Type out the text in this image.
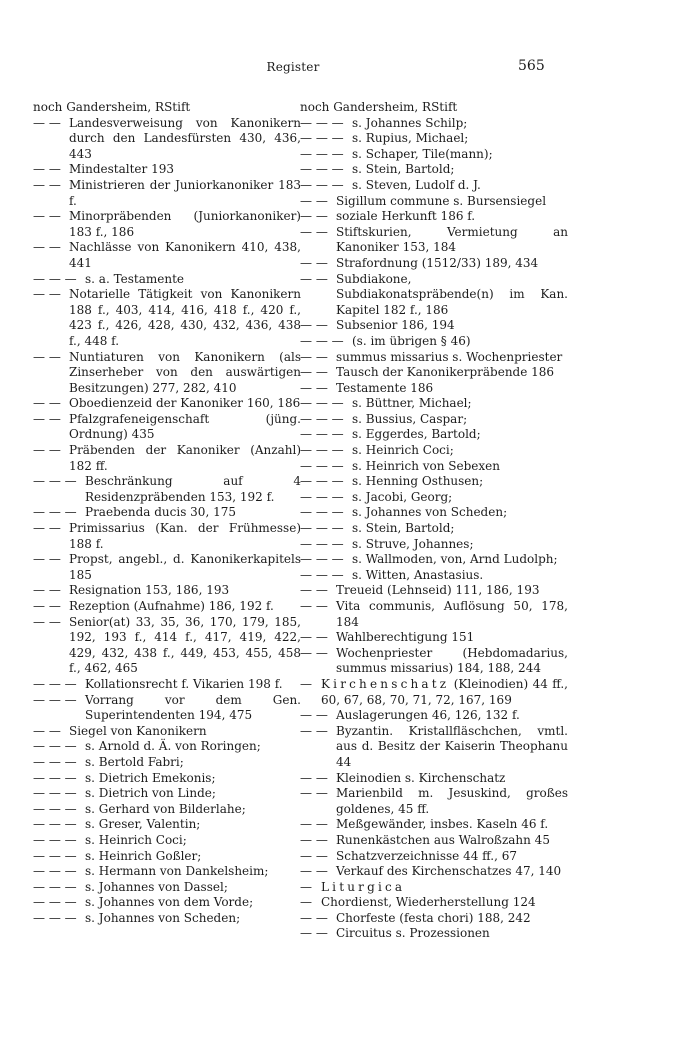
Register	565
noch Gandersheim, RStift
— — Landesverweisung von Kanonikern durch den Landesfürsten 430, 436, 443
— — Mindestalter 193
— — Ministrieren der Juniorkanoniker 183 f.
— — Minorpräbenden (Juniorkanoniker) 183 f., 186
— — Nachlässe von Kanonikern 410, 438, 441
— — — s. a. Testamente
— — Notarielle Tätigkeit von Kanonikern 188 f., 403, 414, 416, 418 f., 420 f., 423 f., 426, 428, 430, 432, 436, 438 f., 448 f.
— — Nuntiaturen von Kanonikern (als Zinserheber von den auswärtigen Besitzungen) 277, 282, 410
— — Oboedienzeid der Kanoniker 160, 186
— — Pfalzgrafeneigenschaft (jüng. Ordnung) 435
— — Präbenden der Kanoniker (Anzahl) 182 ff.
— — — Beschränkung auf 4 Residenzpräbenden 153, 192 f.
— — — Praebenda ducis 30, 175
— — Primissarius (Kan. der Frühmesse) 188 f.
— — Propst, angebl., d. Kanonikerkapitels 185
— — Resignation 153, 186, 193
— — Rezeption (Aufnahme) 186, 192 f.
— — Senior(at) 33, 35, 36, 170, 179, 185, 192, 193 f., 414 f., 417, 419, 422, 429, 432, 438 f., 449, 453, 455, 458 f., 462, 465
— — — Kollationsrecht f. Vikarien 198 f.
— — — Vorrang vor dem Gen. Superintendenten 194, 475
— — Siegel von Kanonikern
— — — s. Arnold d. Ä. von Roringen;
— — — s. Bertold Fabri;
— — — s. Dietrich Emekonis;
— — — s. Dietrich von Linde;
— — — s. Gerhard von Bilderlahe;
— — — s. Greser, Valentin;
— — — s. Heinrich Coci;
— — — s. Heinrich Goßler;
— — — s. Hermann von Dankelsheim;
— — — s. Johannes von Dassel;
— — — s. Johannes von dem Vorde;
— — — s. Johannes von Scheden;
noch Gandersheim, RStift
— — — s. Johannes Schilp;
— — — s. Rupius, Michael;
— — — s. Schaper, Tile(mann);
— — — s. Stein, Bartold;
— — — s. Steven, Ludolf d. J.
— — Sigillum commune s. Bursensiegel
— — soziale Herkunft 186 f.
— — Stiftskurien, Vermietung an Kanoniker 153, 184
— — Strafordnung (1512/33) 189, 434
— — Subdiakone, Subdiakonatspräbende(n) im Kan. Kapitel 182 f., 186
— — Subsenior 186, 194
— — — (s. im übrigen § 46)
— — summus missarius s. Wochenpriester
— — Tausch der Kanonikerpräbende 186
— — Testamente 186
— — — s. Büttner, Michael;
— — — s. Bussius, Caspar;
— — — s. Eggerdes, Bartold;
— — — s. Heinrich Coci;
— — — s. Heinrich von Sebexen
— — — s. Henning Osthusen;
— — — s. Jacobi, Georg;
— — — s. Johannes von Scheden;
— — — s. Stein, Bartold;
— — — s. Struve, Johannes;
— — — s. Wallmoden, von, Arnd Ludolph;
— — — s. Witten, Anastasius.
— — Treueid (Lehnseid) 111, 186, 193
— — Vita communis, Auflösung 50, 178, 184
— — Wahlberechtigung 151
— — Wochenpriester (Hebdomadarius, summus missarius) 184, 188, 244
— Kirchenschatz (Kleinodien) 44 ff., 60, 67, 68, 70, 71, 72, 167, 169
— — Auslagerungen 46, 126, 132 f.
— — Byzantin. Kristallfläschchen, vmtl. aus d. Besitz der Kaiserin Theophanu 44
— — Kleinodien s. Kirchenschatz
— — Marienbild m. Jesuskind, großes goldenes, 45 ff.
— — Meßgewänder, insbes. Kaseln 46 f.
— — Runenkästchen aus Walroßzahn 45
— — Schatzverzeichnisse 44 ff., 67
— — Verkauf des Kirchenschatzes 47, 140
— Liturgica
— Chordienst, Wiederherstellung 124
— — Chorfeste (festa chori) 188, 242
— — Circuitus s. Prozessionen
